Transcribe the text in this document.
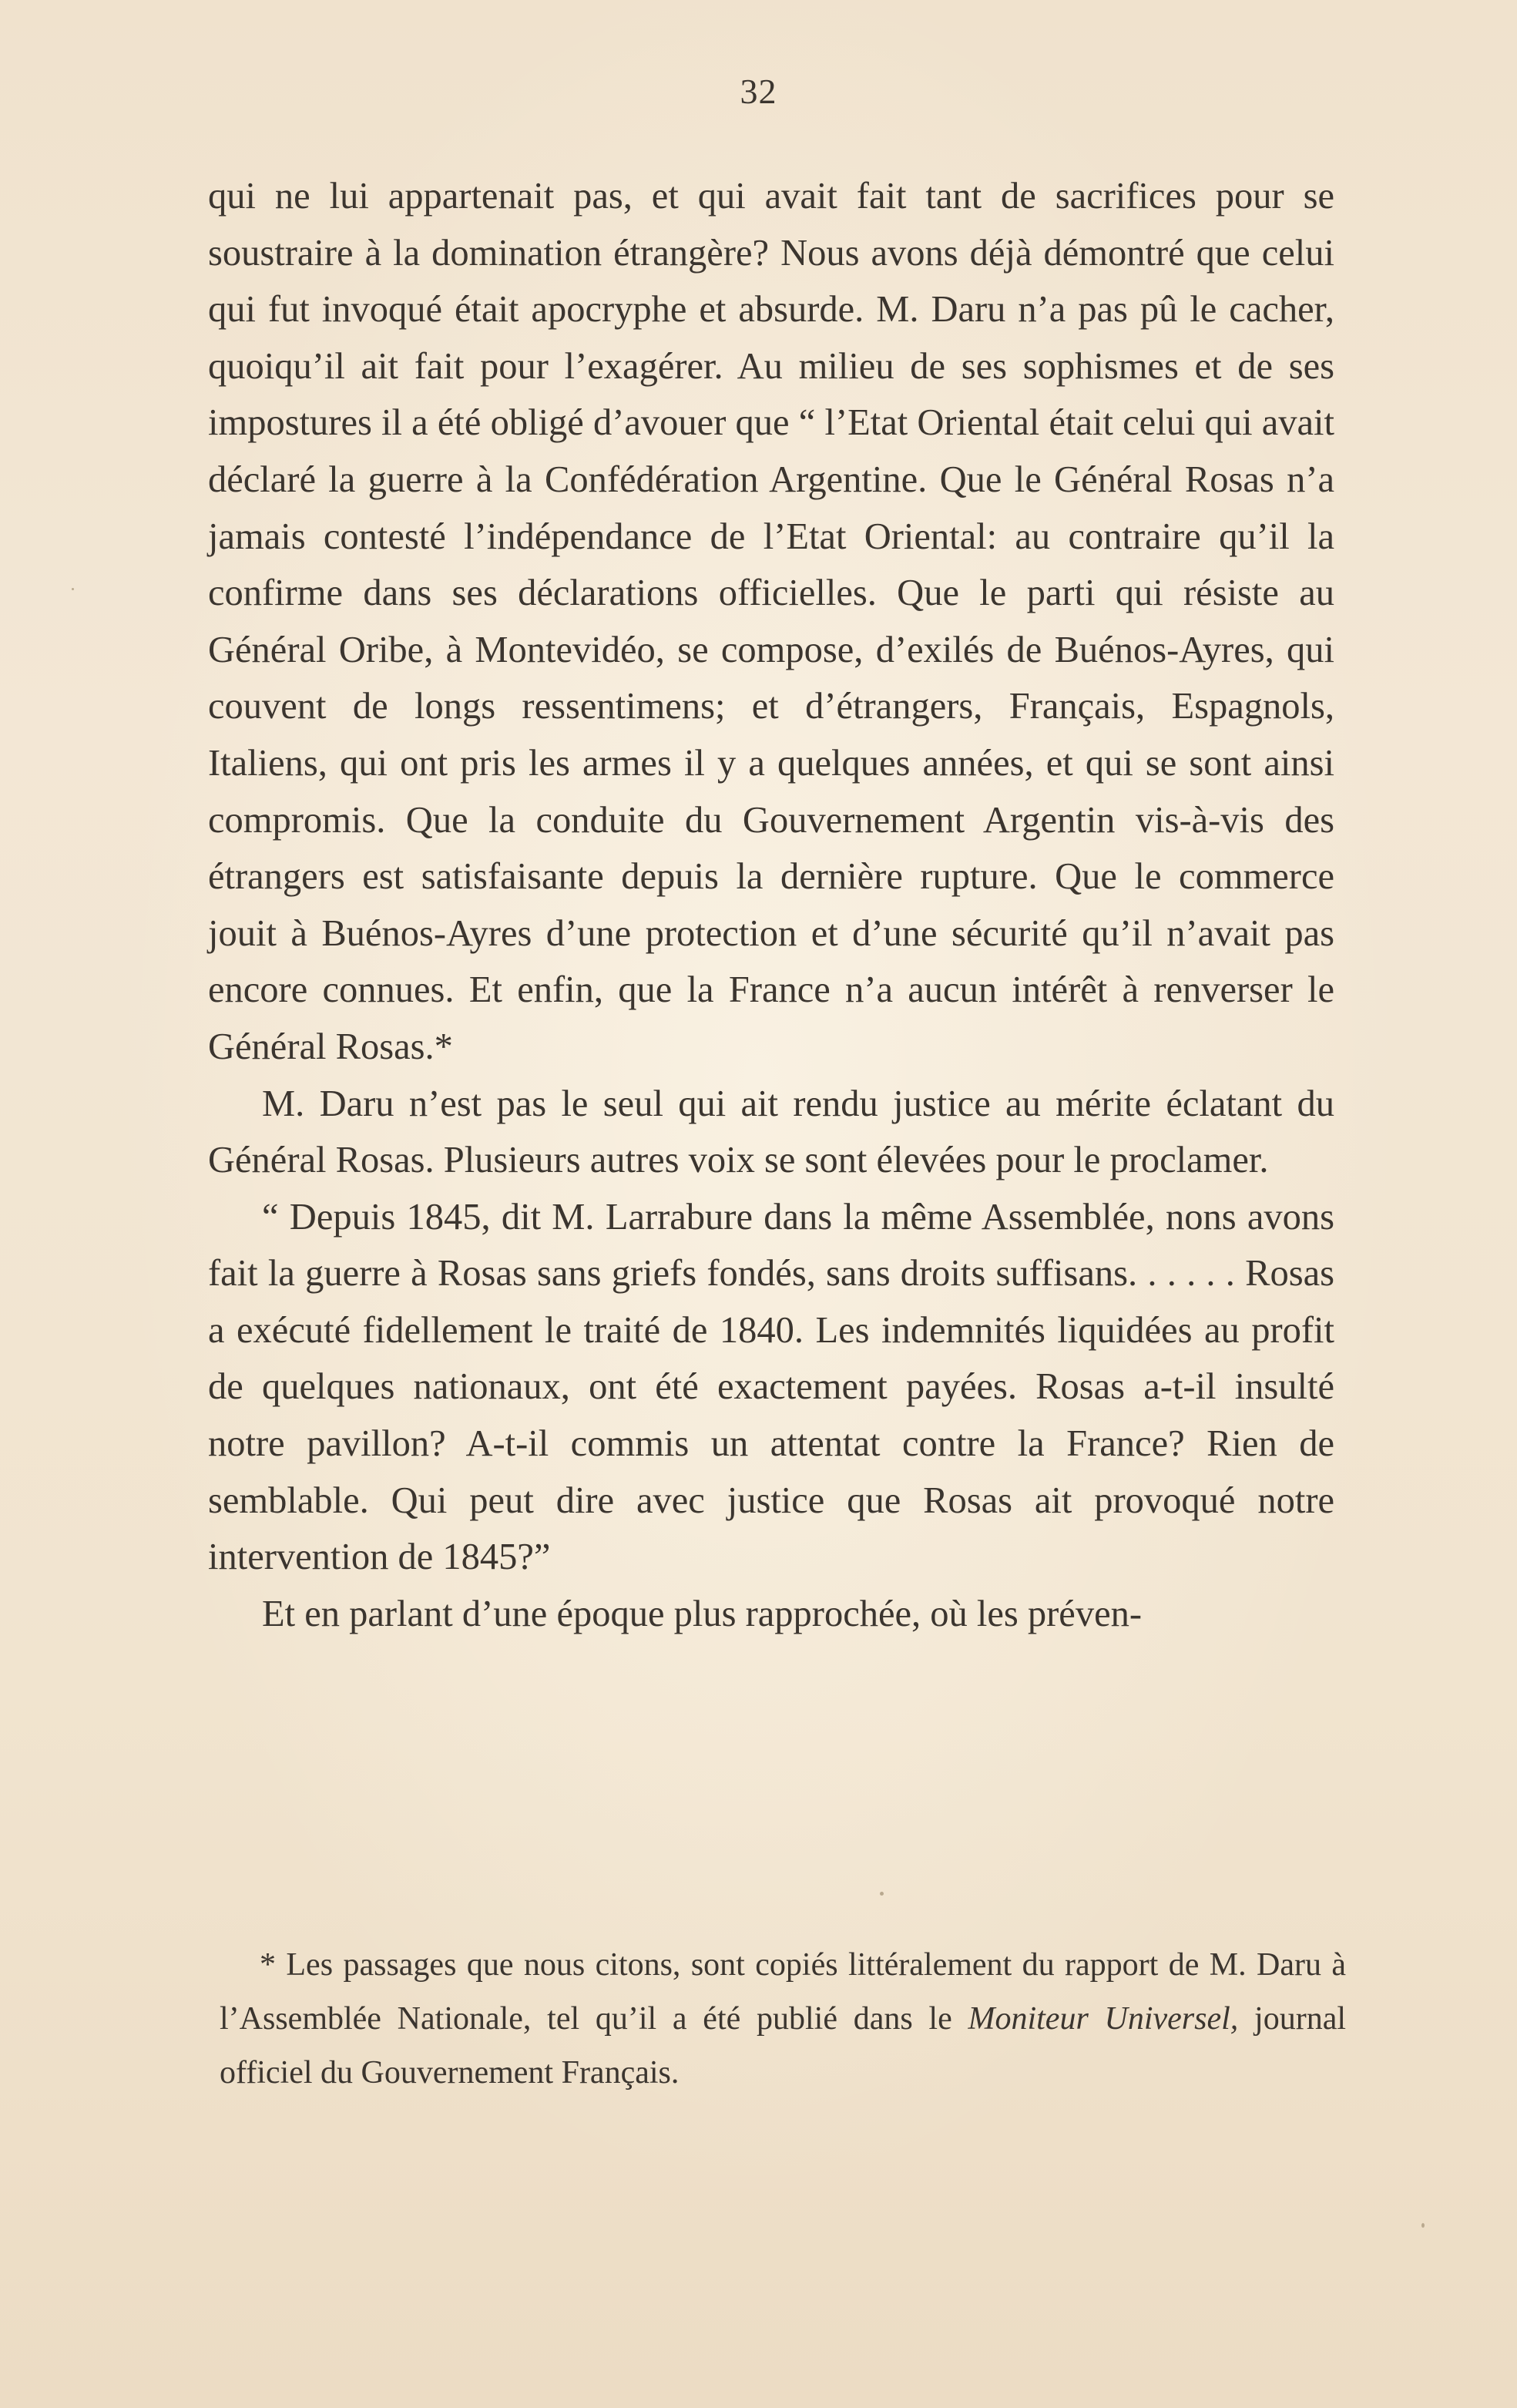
32

qui ne lui appartenait pas, et qui avait fait tant de sacrifices pour se soustraire à la domination étrangère? Nous avons déjà démontré que celui qui fut invoqué était apocryphe et absurde. M. Daru n’a pas pû le cacher, quoiqu’il ait fait pour l’exagérer. Au milieu de ses sophismes et de ses impostures il a été obligé d’avouer que “ l’Etat Oriental était celui qui avait déclaré la guerre à la Confédération Argentine. Que le Général Rosas n’a jamais contesté l’indépendance de l’Etat Oriental: au contraire qu’il la confirme dans ses déclarations officielles. Que le parti qui résiste au Général Oribe, à Montevidéo, se compose, d’exilés de Buénos-Ayres, qui couvent de longs ressentimens; et d’étrangers, Français, Espagnols, Italiens, qui ont pris les armes il y a quelques années, et qui se sont ainsi compromis. Que la conduite du Gouvernement Argentin vis-à-vis des étrangers est satisfaisante depuis la dernière rupture. Que le commerce jouit à Buénos-Ayres d’une protection et d’une sécurité qu’il n’avait pas encore connues. Et enfin, que la France n’a aucun intérêt à renverser le Général Rosas.*

M. Daru n’est pas le seul qui ait rendu justice au mérite éclatant du Général Rosas. Plusieurs autres voix se sont élevées pour le proclamer.

“ Depuis 1845, dit M. Larrabure dans la même Assemblée, nons avons fait la guerre à Rosas sans griefs fondés, sans droits suffisans. . . . . . Rosas a exécuté fidellement le traité de 1840. Les indemnités liquidées au profit de quelques nationaux, ont été exactement payées. Rosas a-t-il insulté notre pavillon? A-t-il commis un attentat contre la France? Rien de semblable. Qui peut dire avec justice que Rosas ait provoqué notre intervention de 1845?”

Et en parlant d’une époque plus rapprochée, où les préven-

* Les passages que nous citons, sont copiés littéralement du rapport de M. Daru à l’Assemblée Nationale, tel qu’il a été publié dans le Moniteur Universel, journal officiel du Gouvernement Français.
